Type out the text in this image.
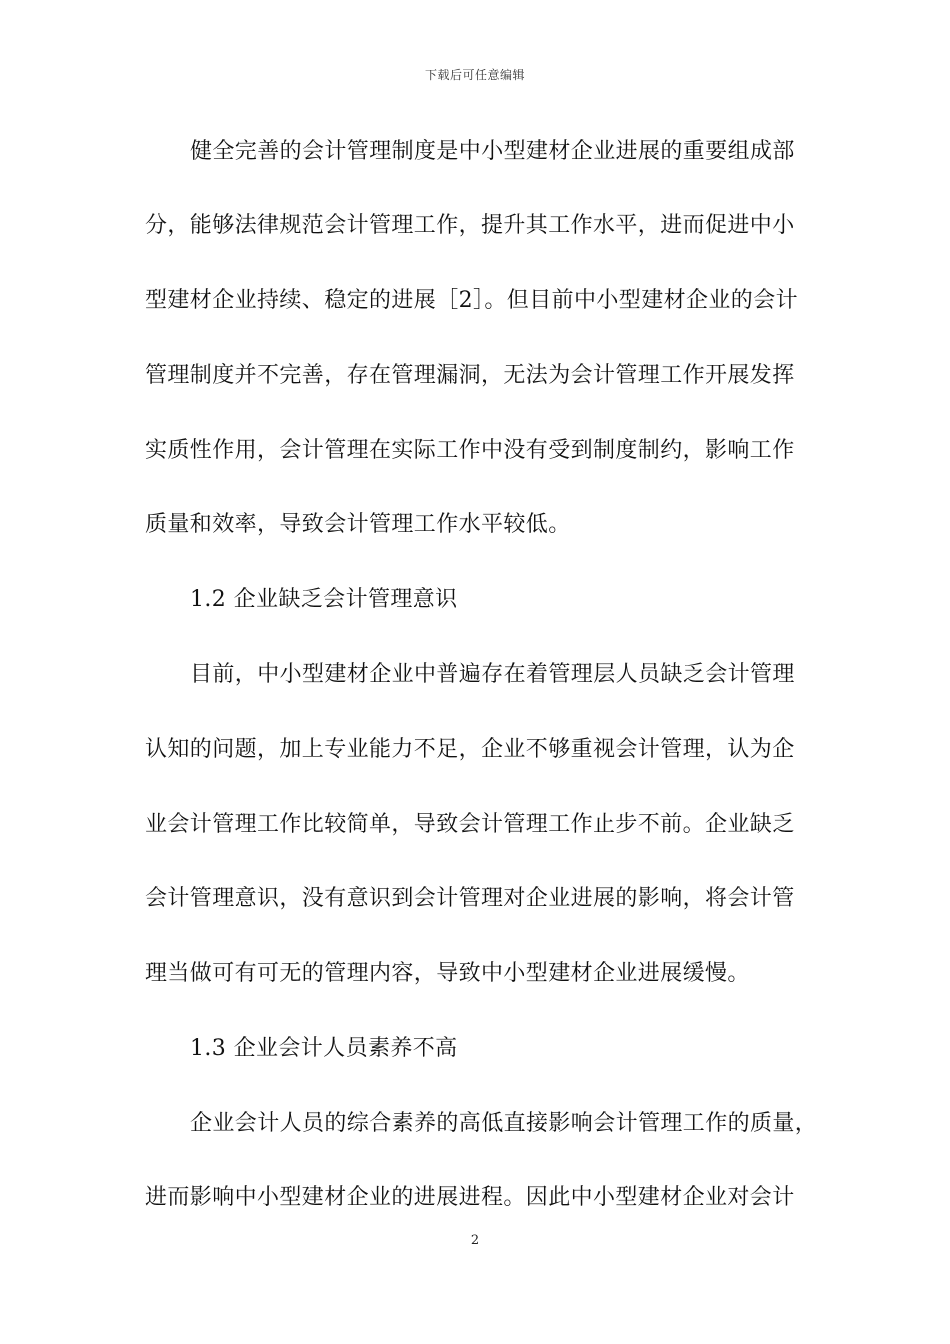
下载后可任意编辑
健全完善的会计管理制度是中小型建材企业进展的重要组成部
分，能够法律规范会计管理工作，提升其工作水平，进而促进中小
型建材企业持续、稳定的进展［2］。但目前中小型建材企业的会计
管理制度并不完善，存在管理漏洞，无法为会计管理工作开展发挥
实质性作用，会计管理在实际工作中没有受到制度制约，影响工作
质量和效率，导致会计管理工作水平较低。
1.2 企业缺乏会计管理意识
目前，中小型建材企业中普遍存在着管理层人员缺乏会计管理
认知的问题，加上专业能力不足，企业不够重视会计管理，认为企
业会计管理工作比较简单，导致会计管理工作止步不前。企业缺乏
会计管理意识，没有意识到会计管理对企业进展的影响，将会计管
理当做可有可无的管理内容，导致中小型建材企业进展缓慢。
1.3 企业会计人员素养不高
企业会计人员的综合素养的高低直接影响会计管理工作的质量，
进而影响中小型建材企业的进展进程。因此中小型建材企业对会计
2
